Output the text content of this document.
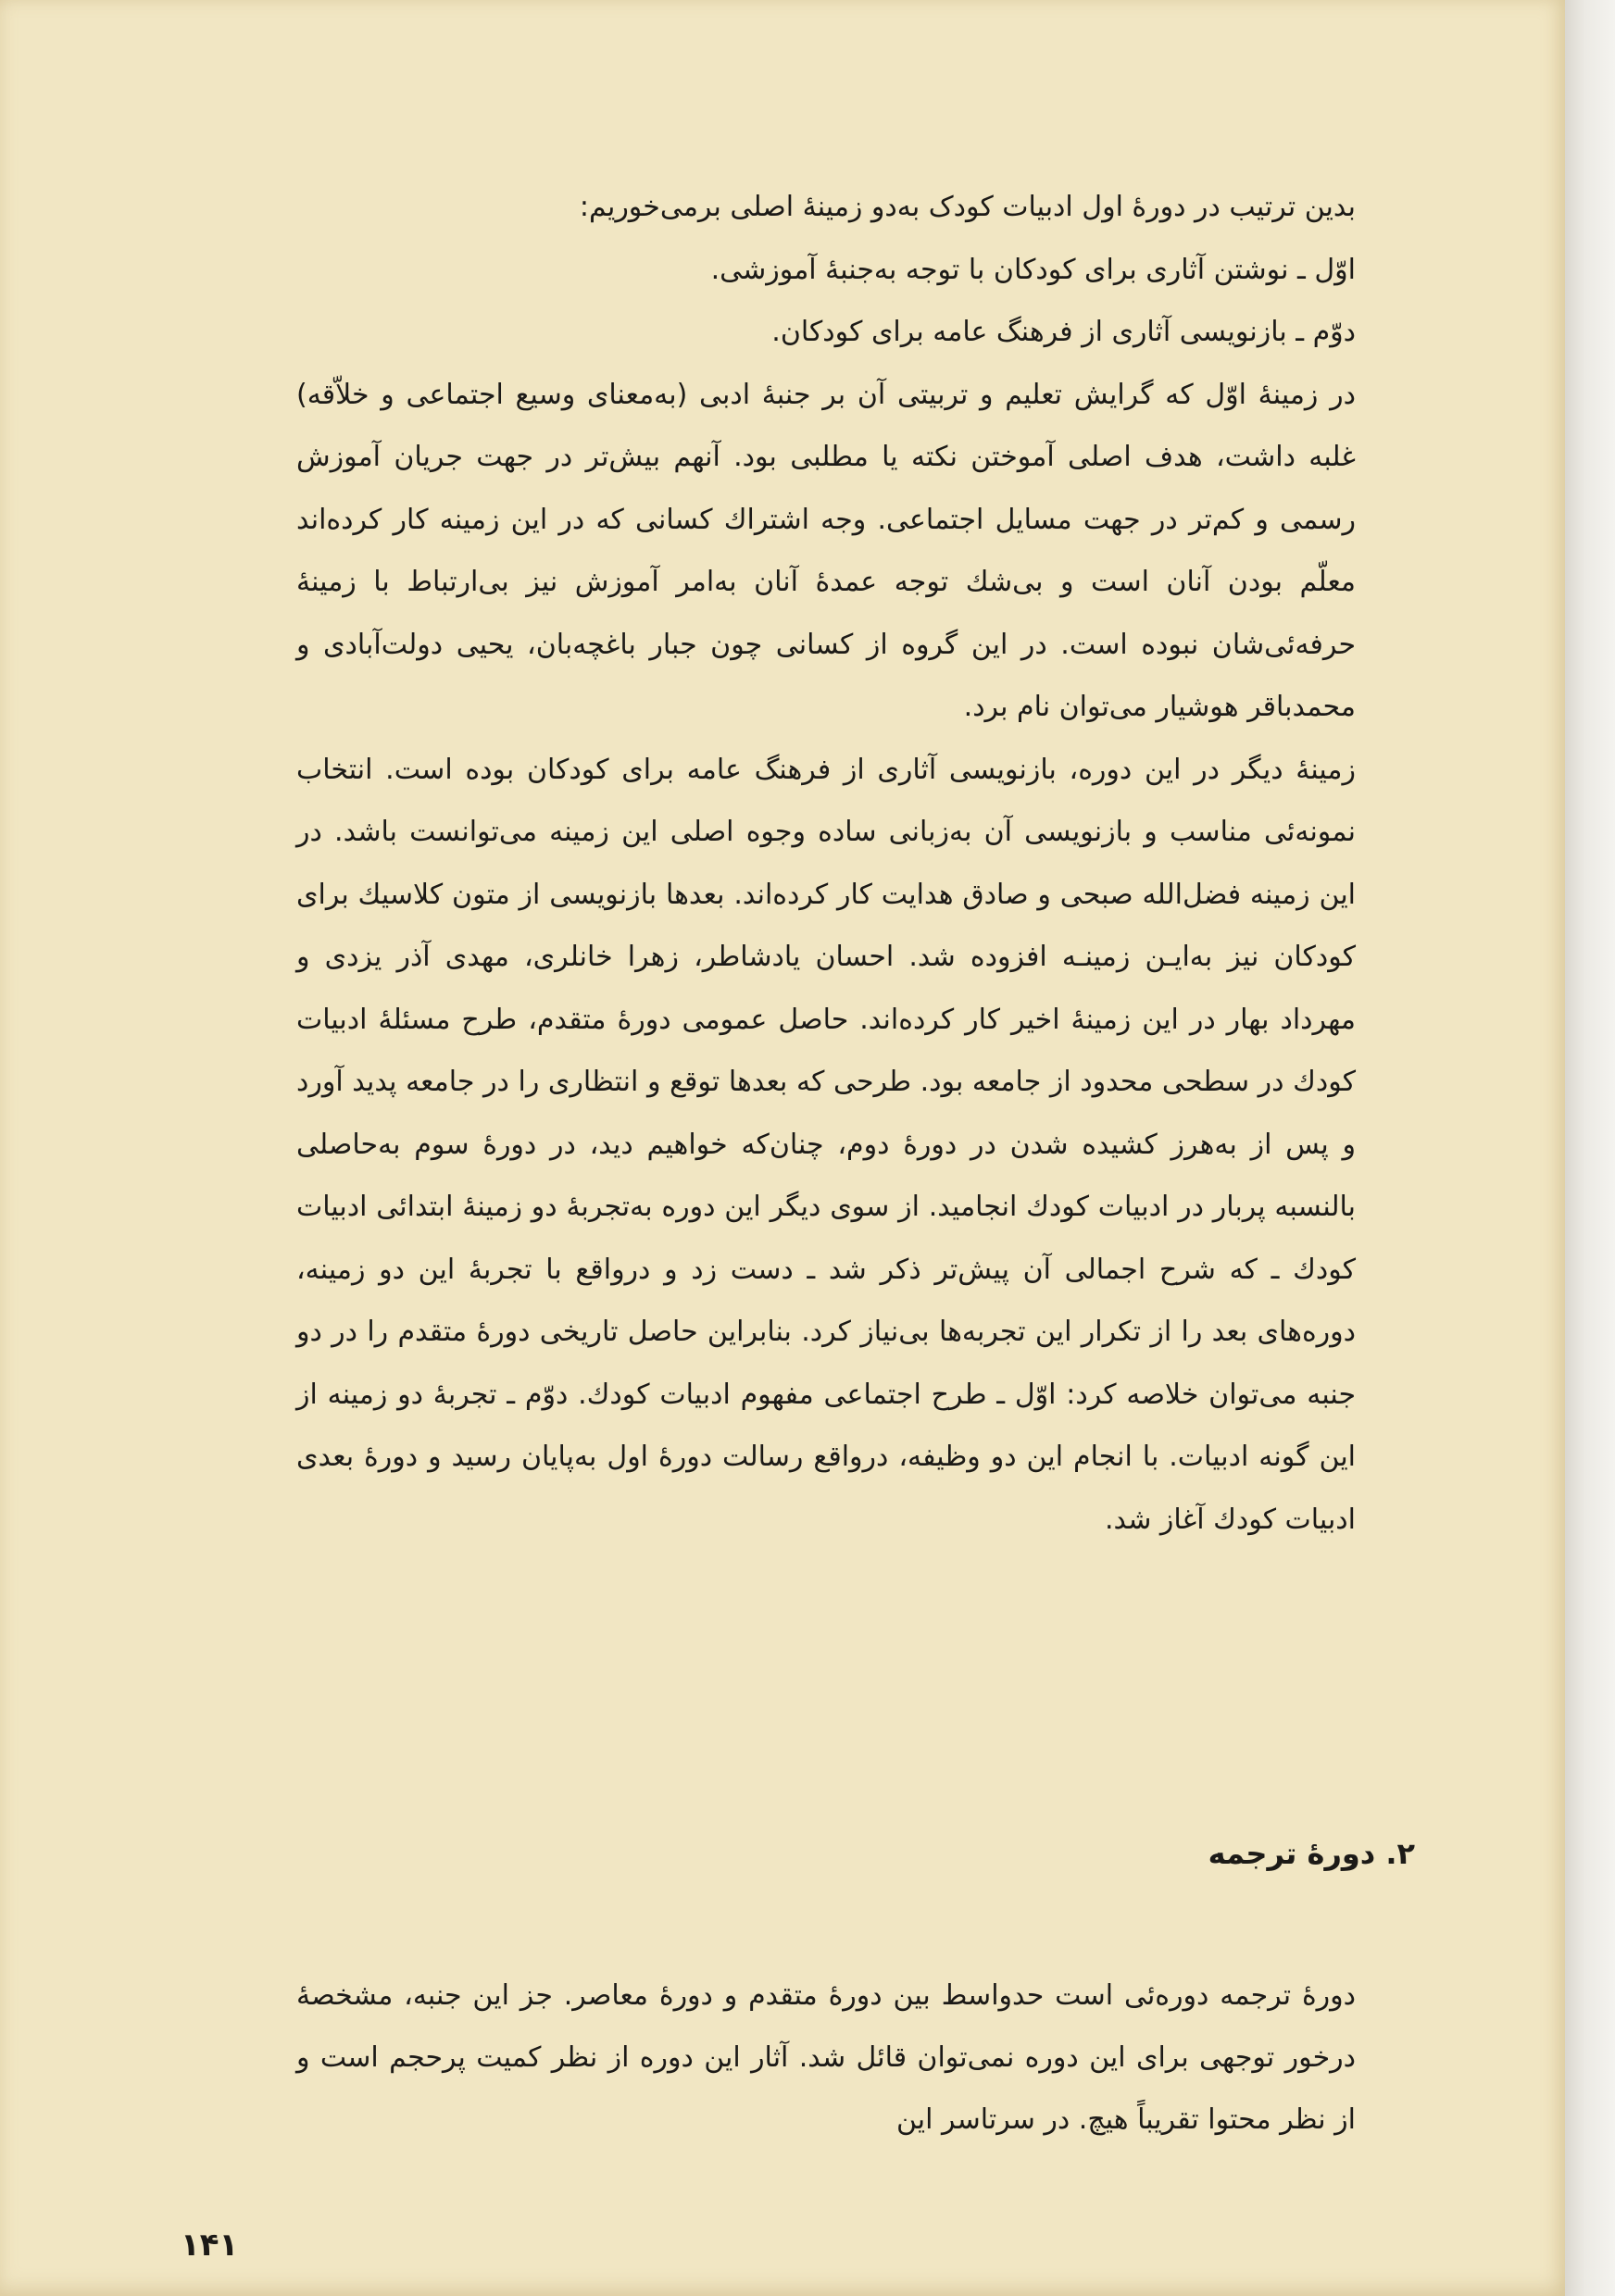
بدین ترتیب در دورهٔ اول ادبیات کودک به‌دو زمینهٔ اصلی برمی‌خوریم:

اوّل ـ نوشتن آثاری برای کودکان با توجه به‌جنبهٔ آموزشی.

دوّم ـ بازنویسی آثاری از فرهنگ عامه برای کودکان.

در زمینهٔ اوّل که گرایش تعلیم و تربیتی آن بر جنبهٔ ادبی (به‌معنای وسیع اجتماعی و خلاّقه) غلبه داشت، هدف اصلی آموختن نکته یا مطلبی بود. آنهم بیش‌تر در جهت جریان آموزش رسمی و کم‌تر در جهت مسایل اجتماعی. وجه اشتراك کسانی که در این زمینه کار کرده‌اند معلّم بودن آنان است و بی‌شك توجه عمدهٔ آنان به‌امر آموزش نیز بی‌ارتباط با زمینهٔ حرفه‌ئی‌شان نبوده است. در این گروه از کسانی چون جبار باغچه‌بان، یحیی دولت‌آبادی و محمدباقر هوشیار می‌توان نام برد.

زمینهٔ دیگر در این دوره، بازنویسی آثاری از فرهنگ عامه برای کودکان بوده است. انتخاب نمونه‌ئی مناسب و بازنویسی آن به‌زبانی ساده وجوه اصلی این زمینه می‌توانست باشد. در این زمینه فضل‌الله صبحی و صادق هدایت کار کرده‌اند. بعدها بازنویسی از متون کلاسیك برای کودکان نیز به‌ایـن زمینـه افزوده شد. احسان یادشاطر، زهرا خانلری، مهدی آذر یزدی و مهرداد بهار در این زمینهٔ اخیر کار کرده‌اند. حاصل عمومی دورهٔ متقدم، طرح مسئلهٔ ادبیات کودك در سطحی محدود از جامعه بود. طرحی که بعدها توقع و انتظاری را در جامعه پدید آورد و پس از به‌هرز کشیده شدن در دورهٔ دوم، چنان‌که خواهیم دید، در دورهٔ سوم به‌حاصلی بالنسبه پربار در ادبیات کودك انجامید. از سوی دیگر این دوره به‌تجربهٔ دو زمینهٔ ابتدائی ادبیات کودك ـ که شرح اجمالی آن پیش‌تر ذکر شد ـ دست زد و درواقع با تجربهٔ این دو زمینه، دوره‌های بعد را از تکرار این تجربه‌ها بی‌نیاز کرد. بنابراین حاصل تاریخی دورهٔ متقدم را در دو جنبه می‌توان خلاصه کرد: اوّل ـ طرح اجتماعی مفهوم ادبیات کودك. دوّم ـ تجربهٔ دو زمینه از این گونه ادبیات. با انجام این دو وظیفه، درواقع رسالت دورهٔ اول به‌پایان رسید و دورهٔ بعدی ادبیات کودك آغاز شد.

۲. دورهٔ ترجمه

دورهٔ ترجمه دوره‌ئی است حدواسط بین دورهٔ متقدم و دورهٔ معاصر. جز این جنبه، مشخصهٔ درخور توجهی برای این دوره نمی‌توان قائل شد. آثار این دوره از نظر کمیت پرحجم است و از نظر محتوا تقریباً هیچ. در سرتاسر این

۱۴۱
